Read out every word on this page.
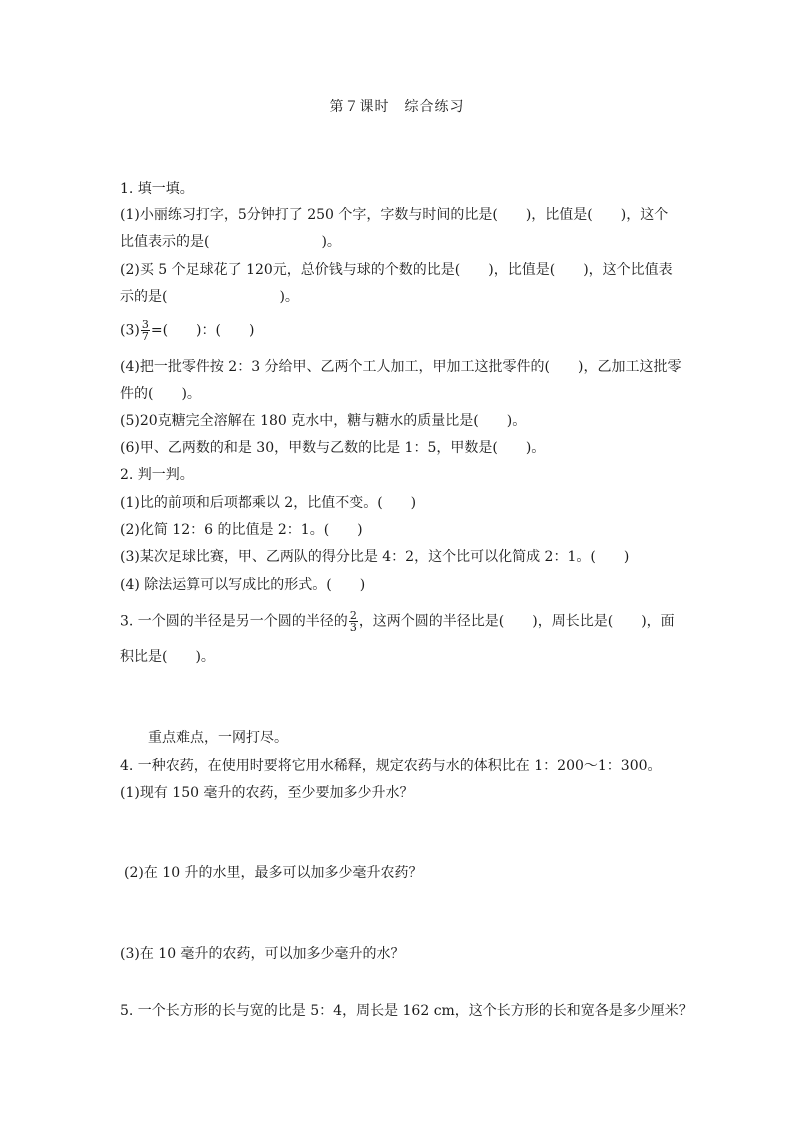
第７课时　综合练习
1. 填一填。
(1)小丽练习打字，5分钟打了 250 个字，字数与时间的比是(　　)，比值是(　　)，这个
比值表示的是(　　　　　　　　)。
(2)买 5 个足球花了 120元，总价钱与球的个数的比是(　　)，比值是(　　)，这个比值表
示的是(　　　　　　　　)。
$(3) \frac{3}{7}$ =(　　)：(　　)
(4)把一批零件按 2：3 分给甲、乙两个工人加工，甲加工这批零件的(　　)，乙加工这批零
件的(　　)。
(5)20克糖完全溶解在 180 克水中，糖与糖水的质量比是(　　)。
(6)甲、乙两数的和是 30，甲数与乙数的比是 1：5，甲数是(　　)。
2. 判一判。
(1)比的前项和后项都乘以 2，比值不变。(　　)
(2)化简 12：6 的比值是 2：1。(　　)
(3)某次足球比赛，甲、乙两队的得分比是 4：2，这个比可以化简成 2：1。(　　)
(4) 除法运算可以写成比的形式。(　　)
3. 一个圆的半径是另一个圆的半径的 $\frac{2}{3}$ ，这两个圆的半径比是(　　)，周长比是(　　)，面
积比是(　　)。
重点难点，一网打尽。
4. 一种农药，在使用时要将它用水稀释，规定农药与水的体积比在 1：200～1：300。
(1)现有 150 毫升的农药，至少要加多少升水？
(2)在 10 升的水里，最多可以加多少毫升农药？
(3)在 10 毫升的农药，可以加多少毫升的水？
5. 一个长方形的长与宽的比是 5：4，周长是 162 cm，这个长方形的长和宽各是多少厘米？
